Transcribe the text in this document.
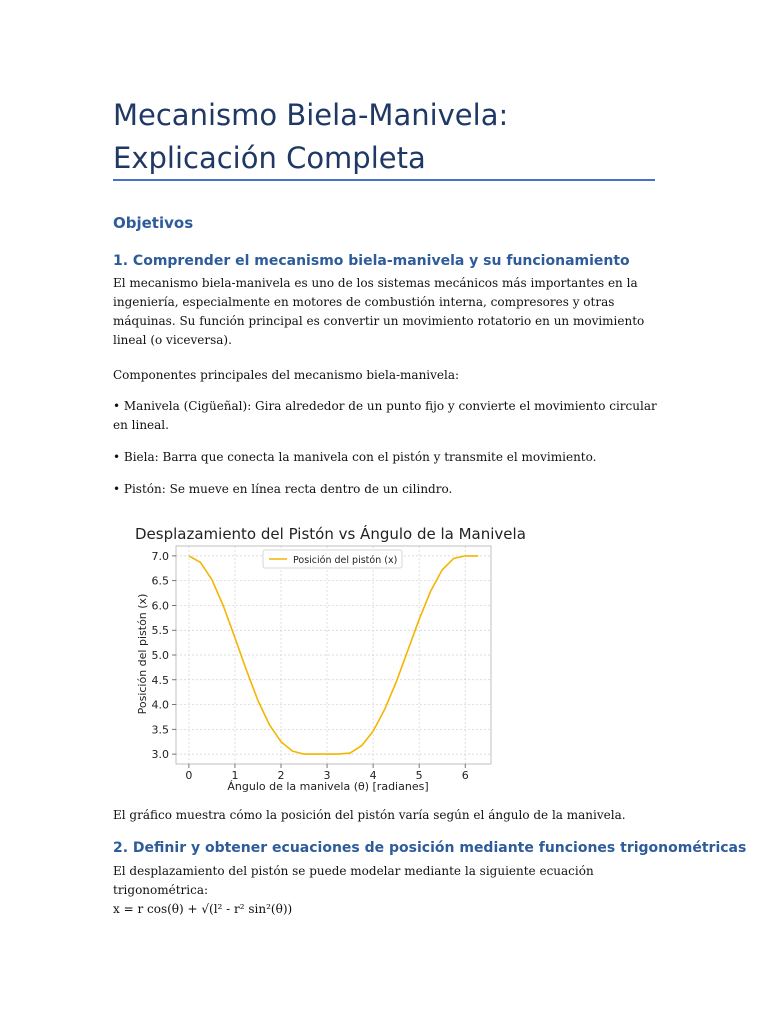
Mecanismo Biela-Manivela: Explicación Completa
Objetivos
1. Comprender el mecanismo biela-manivela y su funcionamiento

El mecanismo biela-manivela es uno de los sistemas mecánicos más importantes en la ingeniería, especialmente en motores de combustión interna, compresores y otras máquinas. Su función principal es convertir un movimiento rotatorio en un movimiento lineal (o viceversa).

Componentes principales del mecanismo biela-manivela:

• Manivela (Cigüeñal): Gira alrededor de un punto fijo y convierte el movimiento circular en lineal.

• Biela: Barra que conecta la manivela con el pistón y transmite el movimiento.

• Pistón: Se mueve en línea recta dentro de un cilindro.

0	1	2	3	4	5	6
3.0
3.5
4.0
4.5
5.0
5.5
6.0
6.5
7.0
Desplazamiento del Pistón vs Ángulo de la Manivela
Ángulo de la manivela (θ) [radianes]
Posición del pistón (x)
Posición del pistón (x)

El gráfico muestra cómo la posición del pistón varía según el ángulo de la manivela.

2. Definir y obtener ecuaciones de posición mediante funciones trigonométricas

El desplazamiento del pistón se puede modelar mediante la siguiente ecuación trigonométrica:

x = r cos(θ) + √(l² - r² sin²(θ))
